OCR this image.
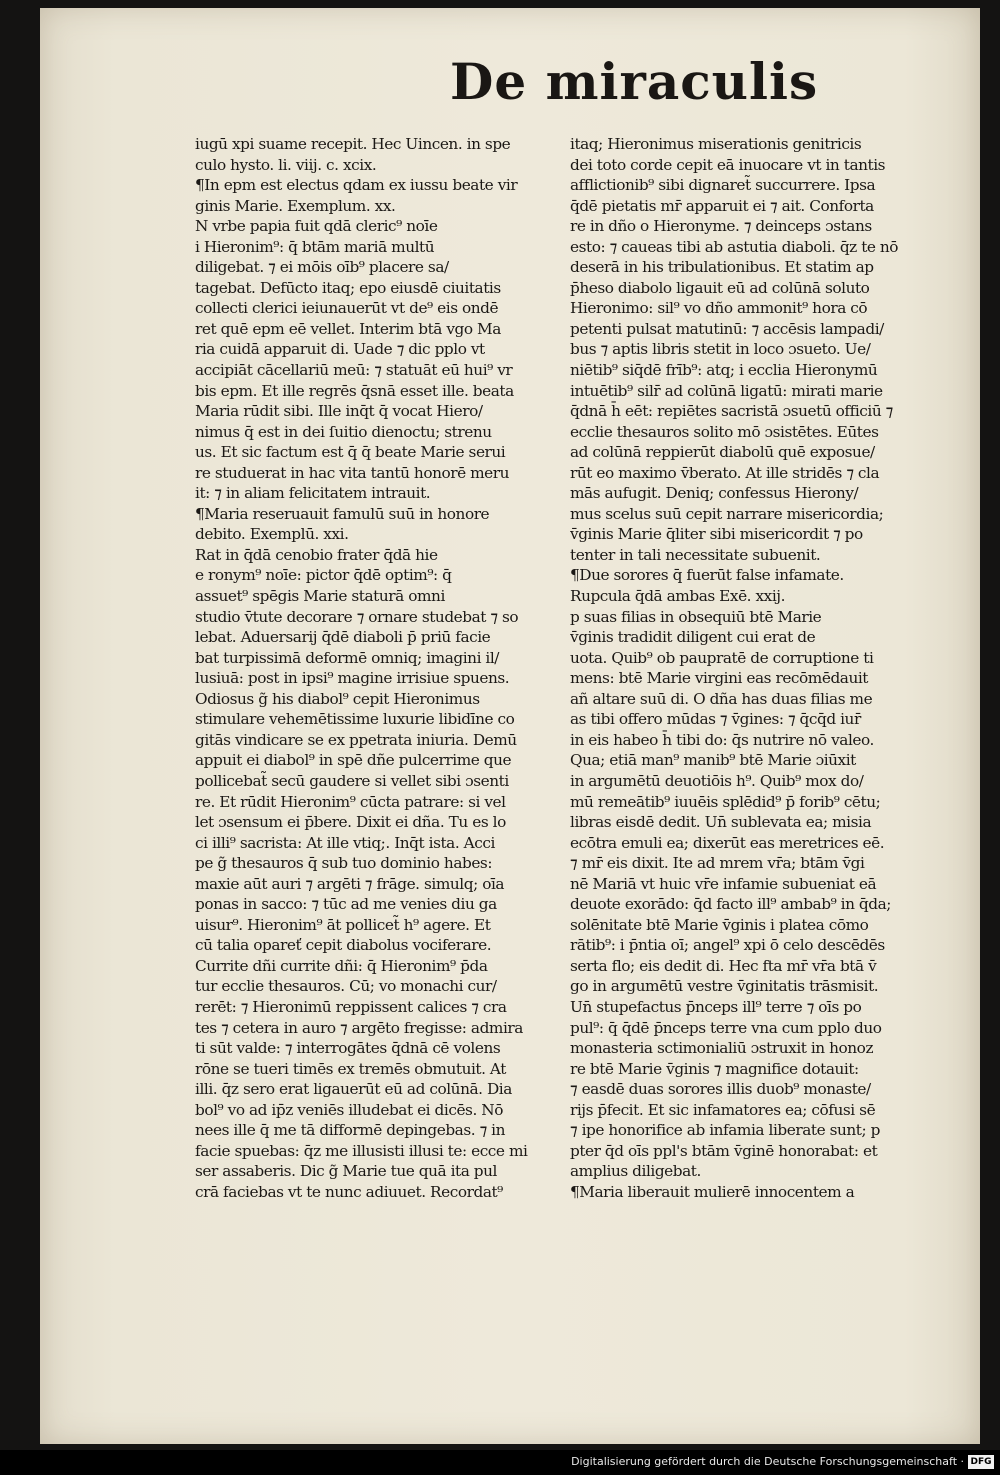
De miraculis
iugū xpi suame recepit. Hec Uincen. in spe
culo hysto. li. viij. c. xcix.
¶In epm est electus qdam ex iussu beate vir
ginis Marie. Exemplum. xx.
N vrbe papia fuit qdā cleric⁹ noīe
i Hieronim⁹: q̄ btām mariā multū
diligebat. ⁊ ei mōis oīb⁹ placere sa/
tagebat. Defūcto itaq; epo eiusdē ciuitatis
collecti clerici ieiunauerūt vt de⁹ eis ondē
ret quē epm eē vellet. Interim btā vgo Ma
ria cuidā apparuit di. Uade ⁊ dic pplo vt
accipiāt cācellariū meū: ⁊ statuāt eū hui⁹ vr
bis epm. Et ille regrēs q̄snā esset ille. beata
Maria rūdit sibi. Ille inq̄t q̄ vocat Hiero/
nimus q̄ est in dei ſuitio dienoctu; strenu
us. Et sic factum est q̄ q̄ beate Marie serui
re studuerat in hac vita tantū honorē meru
it: ⁊ in aliam felicitatem intrauit.
¶Maria reseruauit famulū suū in honore
debito. Exemplū. xxi.
Rat in q̄dā cenobio frater q̄dā hie
e ronym⁹ noīe: pictor q̄dē optim⁹: q̄
assuet⁹ spēgis Marie staturā omni
studio v̄tute decorare ⁊ ornare studebat ⁊ so
lebat. Aduersarij q̄dē diaboli p̄ priū facie
bat turpissimā deformē omniq; imagini il/
lusiuā: post in ipsi⁹ magine irrisiue spuens.
Odiosus g̃ his diabol⁹ cepit Hieronimus
stimulare vehemētissime luxurie libidīne co
gitās vindicare se ex ppetrata iniuria. Demū
appuit ei diabol⁹ in spē dñe pulcerrime que
pollicebat̃ secū gaudere si vellet sibi ɔsenti
re. Et rūdit Hieronim⁹ cūcta patrare: si vel
let ɔsensum ei p̄bere. Dixit ei dña. Tu es lo
ci illi⁹ sacrista: At ille vtiq;. Inq̄t ista. Acci
pe g̃ thesauros q̄ sub tuo dominio habes:
maxie aūt auri ⁊ argēti ⁊ frāge. simulq; oīa
ponas in sacco: ⁊ tūc ad me venies diu ga
uisur⁹. Hieronim⁹ āt pollicet̃ h⁹ agere. Et
cū talia opareť cepit diabolus vociferare.
Currite dñi currite dñi: q̄ Hieronim⁹ p̄da
tur ecclie thesauros. Cū; vo monachi cur/
rerēt: ⁊ Hieronimū reppissent calices ⁊ cra
tes ⁊ cetera in auro ⁊ argēto fregisse: admira
ti sūt valde: ⁊ interrogātes q̄dnā cē volens
rōne se tueri timēs ex tremēs obmutuit. At
illi. q̄z sero erat ligauerūt eū ad colūnā. Dia
bol⁹ vo ad ip̄z veniēs illudebat ei dicēs. Nō
nees ille q̄ me tā difformē depingebas. ⁊ in
facie spuebas: q̄z me illusisti illusi te: ecce mi
ser assaberis. Dic g̃ Marie tue quā ita pul
crā faciebas vt te nunc adiuuet. Recordat⁹
itaq; Hieronimus miserationis genitricis
dei toto corde cepit eā inuocare vt in tantis
afflictionib⁹ sibi dignaret̃ succurrere. Ipsa
q̄dē pietatis mr̄ apparuit ei ⁊ ait. Conforta
re in dño o Hieronyme. ⁊ deinceps ɔstans
esto: ⁊ caueas tibi ab astutia diaboli. q̄z te nō
deserā in his tribulationibus. Et statim ap
p̄heso diabolo ligauit eū ad colūnā soluto
Hieronimo: sil⁹ vo dño ammonit⁹ hora cō
petenti pulsat matutinū: ⁊ accēsis lampadi/
bus ⁊ aptis libris stetit in loco ɔsueto. Ue/
niētib⁹ siq̄dē frīb⁹: atq; i ecclia Hieronymū
intuētib⁹ silr̄ ad colūnā ligatū: mirati marie
q̄dnā h̄ eēt: repiētes sacristā ɔsuetū officiū ⁊
ecclie thesauros solito mō ɔsistētes. Eūtes
ad colūnā reppierūt diabolū quē exposue/
rūt eo maximo v̄berato. At ille stridēs ⁊ cla
mās aufugit. Deniq; confessus Hierony/
mus scelus suū cepit narrare misericordia;
v̄ginis Marie q̄liter sibi misericordit ⁊ po
tenter in tali necessitate subuenit.
¶Due sorores q̄ fuerūt false infamate.
Rupcula q̄dā ambas Exē. xxij.
p suas filias in obsequiū btē Marie
v̄ginis tradidit diligent cui erat de
uota. Quib⁹ ob paupratē de corruptione ti
mens: btē Marie virgini eas recōmēdauit
añ altare suū di. O dña has duas filias me
as tibi offero mūdas ⁊ v̄gines: ⁊ q̄cq̄d iur̄
in eis habeo h̄ tibi do: q̄s nutrire nō valeo.
Qua; etiā man⁹ manib⁹ btē Marie ɔiūxit
in argumētū deuotiōis h⁹. Quib⁹ mox do/
mū remeātib⁹ iuuēis splēdid⁹ p̄ forib⁹ cētu;
libras eisdē dedit. Un̄ sublevata ea; misia
ecōtra emuli ea; dixerūt eas meretrices eē.
⁊ mr̄ eis dixit. Ite ad mrem vr̄a; btām v̄gi
nē Mariā vt huic vr̄e infamie subueniat eā
deuote exorādo: q̄d facto ill⁹ ambab⁹ in q̄da;
solēnitate btē Marie v̄ginis i platea cōmo
rātib⁹: i p̄ntia oī; angel⁹ xpi ō celo descēdēs
serta flo; eis dedit di. Hec fta mr̄ vr̄a btā v̄
go in argumētū vestre v̄ginitatis trāsmisit.
Un̄ stupefactus p̄nceps ill⁹ terre ⁊ oīs po
pul⁹: q̄ q̄dē p̄nceps terre vna cum pplo duo
monasteria sctimonialiū ɔstruxit in honoz
re btē Marie v̄ginis ⁊ magnifice dotauit:
⁊ easdē duas sorores illis duob⁹ monaste/
rijs p̄fecit. Et sic infamatores ea; cōfusi sē
⁊ ipe honorifice ab infamia liberate sunt; p
pter q̄d oīs ppl's btām v̄ginē honorabat: et
amplius diligebat.
¶Maria liberauit mulierē innocentem a
Digitalisierung gefördert durch die Deutsche Forschungsgemeinschaft · DFG
